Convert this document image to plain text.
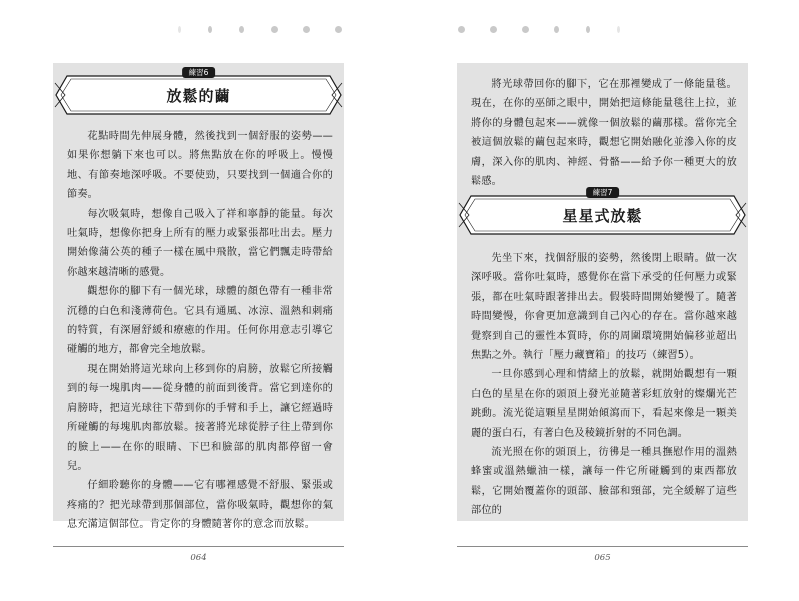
練習6
放鬆的繭

花點時間先伸展身體，然後找到一個舒服的姿勢——如果你想躺下來也可以。將焦點放在你的呼吸上。慢慢地、有節奏地深呼吸。不要使勁，只要找到一個適合你的節奏。

每次吸氣時，想像自己吸入了祥和寧靜的能量。每次吐氣時，想像你把身上所有的壓力或緊張都吐出去。壓力開始像蒲公英的種子一樣在風中飛散，當它們飄走時帶給你越來越清晰的感覺。

觀想你的腳下有一個光球，球體的顏色帶有一種非常沉穩的白色和淺薄荷色。它具有通風、冰涼、溫熱和刺痛的特質，有深層舒緩和療癒的作用。任何你用意志引導它碰觸的地方，都會完全地放鬆。

現在開始將這光球向上移到你的肩膀，放鬆它所接觸到的每一塊肌肉——從身體的前面到後背。當它到達你的肩膀時，把這光球往下帶到你的手臂和手上，讓它經過時所碰觸的每塊肌肉都放鬆。接著將光球從脖子往上帶到你的臉上——在你的眼睛、下巴和臉部的肌肉都停留一會兒。

仔細聆聽你的身體——它有哪裡感覺不舒服、緊張或疼痛的？把光球帶到那個部位，當你吸氣時，觀想你的氣息充滿這個部位。肯定你的身體隨著你的意念而放鬆。

064

將光球帶回你的腳下，它在那裡變成了一條能量毯。現在，在你的巫師之眼中，開始把這條能量毯往上拉，並將你的身體包起來——就像一個放鬆的繭那樣。當你完全被這個放鬆的繭包起來時，觀想它開始融化並滲入你的皮膚，深入你的肌肉、神經、骨骼——給予你一種更大的放鬆感。

練習7
星星式放鬆

先坐下來，找個舒服的姿勢，然後閉上眼睛。做一次深呼吸。當你吐氣時，感覺你在當下承受的任何壓力或緊張，都在吐氣時跟著排出去。假裝時間開始變慢了。隨著時間變慢，你會更加意識到自己內心的存在。當你越來越覺察到自己的靈性本質時，你的周圍環境開始偏移並超出焦點之外。執行「壓力藏寶箱」的技巧（練習5）。

一旦你感到心理和情緒上的放鬆，就開始觀想有一顆白色的星星在你的頭頂上發光並隨著彩虹放射的燦爛光芒跳動。流光從這顆星星開始傾瀉而下，看起來像是一顆美麗的蛋白石，有著白色及稜鏡折射的不同色調。

流光照在你的頭頂上，彷彿是一種具撫慰作用的溫熱蜂蜜或溫熱蠟油一樣，讓每一件它所碰觸到的東西都放鬆，它開始覆蓋你的頭部、臉部和頸部，完全緩解了這些部位的

065
